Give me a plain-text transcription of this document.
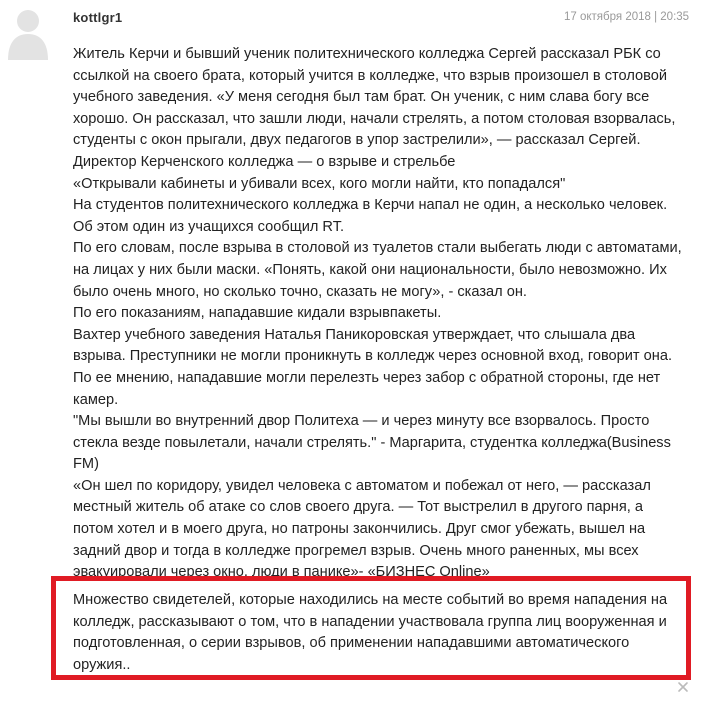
kottlgr1	17 октября 2018 | 20:35
Житель Керчи и бывший ученик политехнического колледжа Сергей рассказал РБК со
ссылкой на своего брата, который учится в колледже, что взрыв произошел в столовой
учебного заведения. «У меня сегодня был там брат. Он ученик, с ним слава богу все
хорошо. Он рассказал, что зашли люди, начали стрелять, а потом столовая взорвалась,
студенты с окон прыгали, двух педагогов в упор застрелили», — рассказал Сергей.
Директор Керченского колледжа — о взрыве и стрельбе
«Открывали кабинеты и убивали всех, кого могли найти, кто попадался"
На студентов политехнического колледжа в Керчи напал не один, а несколько человек.
Об этом один из учащихся сообщил RT.
По его словам, после взрыва в столовой из туалетов стали выбегать люди с автоматами,
на лицах у них были маски. «Понять, какой они национальности, было невозможно. Их
было очень много, но сколько точно, сказать не могу», - сказал он.
По его показаниям, нападавшие кидали взрывпакеты.
Вахтер учебного заведения Наталья Паникоровская утверждает, что слышала два
взрыва. Преступники не могли проникнуть в колледж через основной вход, говорит она.
По ее мнению, нападавшие могли перелезть через забор с обратной стороны, где нет
камер.
"Мы вышли во внутренний двор Политеха — и через минуту все взорвалось. Просто
стекла везде повылетали, начали стрелять." - Маргарита, студентка колледжа(Business
FM)
«Он шел по коридору, увидел человека с автоматом и побежал от него, — рассказал
местный житель об атаке со слов своего друга. — Тот выстрелил в другого парня, а
потом хотел и в моего друга, но патроны закончились. Друг смог убежать, вышел на
задний двор и тогда в колледже прогремел взрыв. Очень много раненных, мы всех
эвакуировали через окно, люди в панике»- «БИЗНЕС Online»
Множество свидетелей, которые находились на месте событий во время нападения на
колледж, рассказывают о том, что в нападении участвовала группа лиц вооруженная и
подготовленная, о серии взрывов, об применении нападавшими автоматического
оружия..
